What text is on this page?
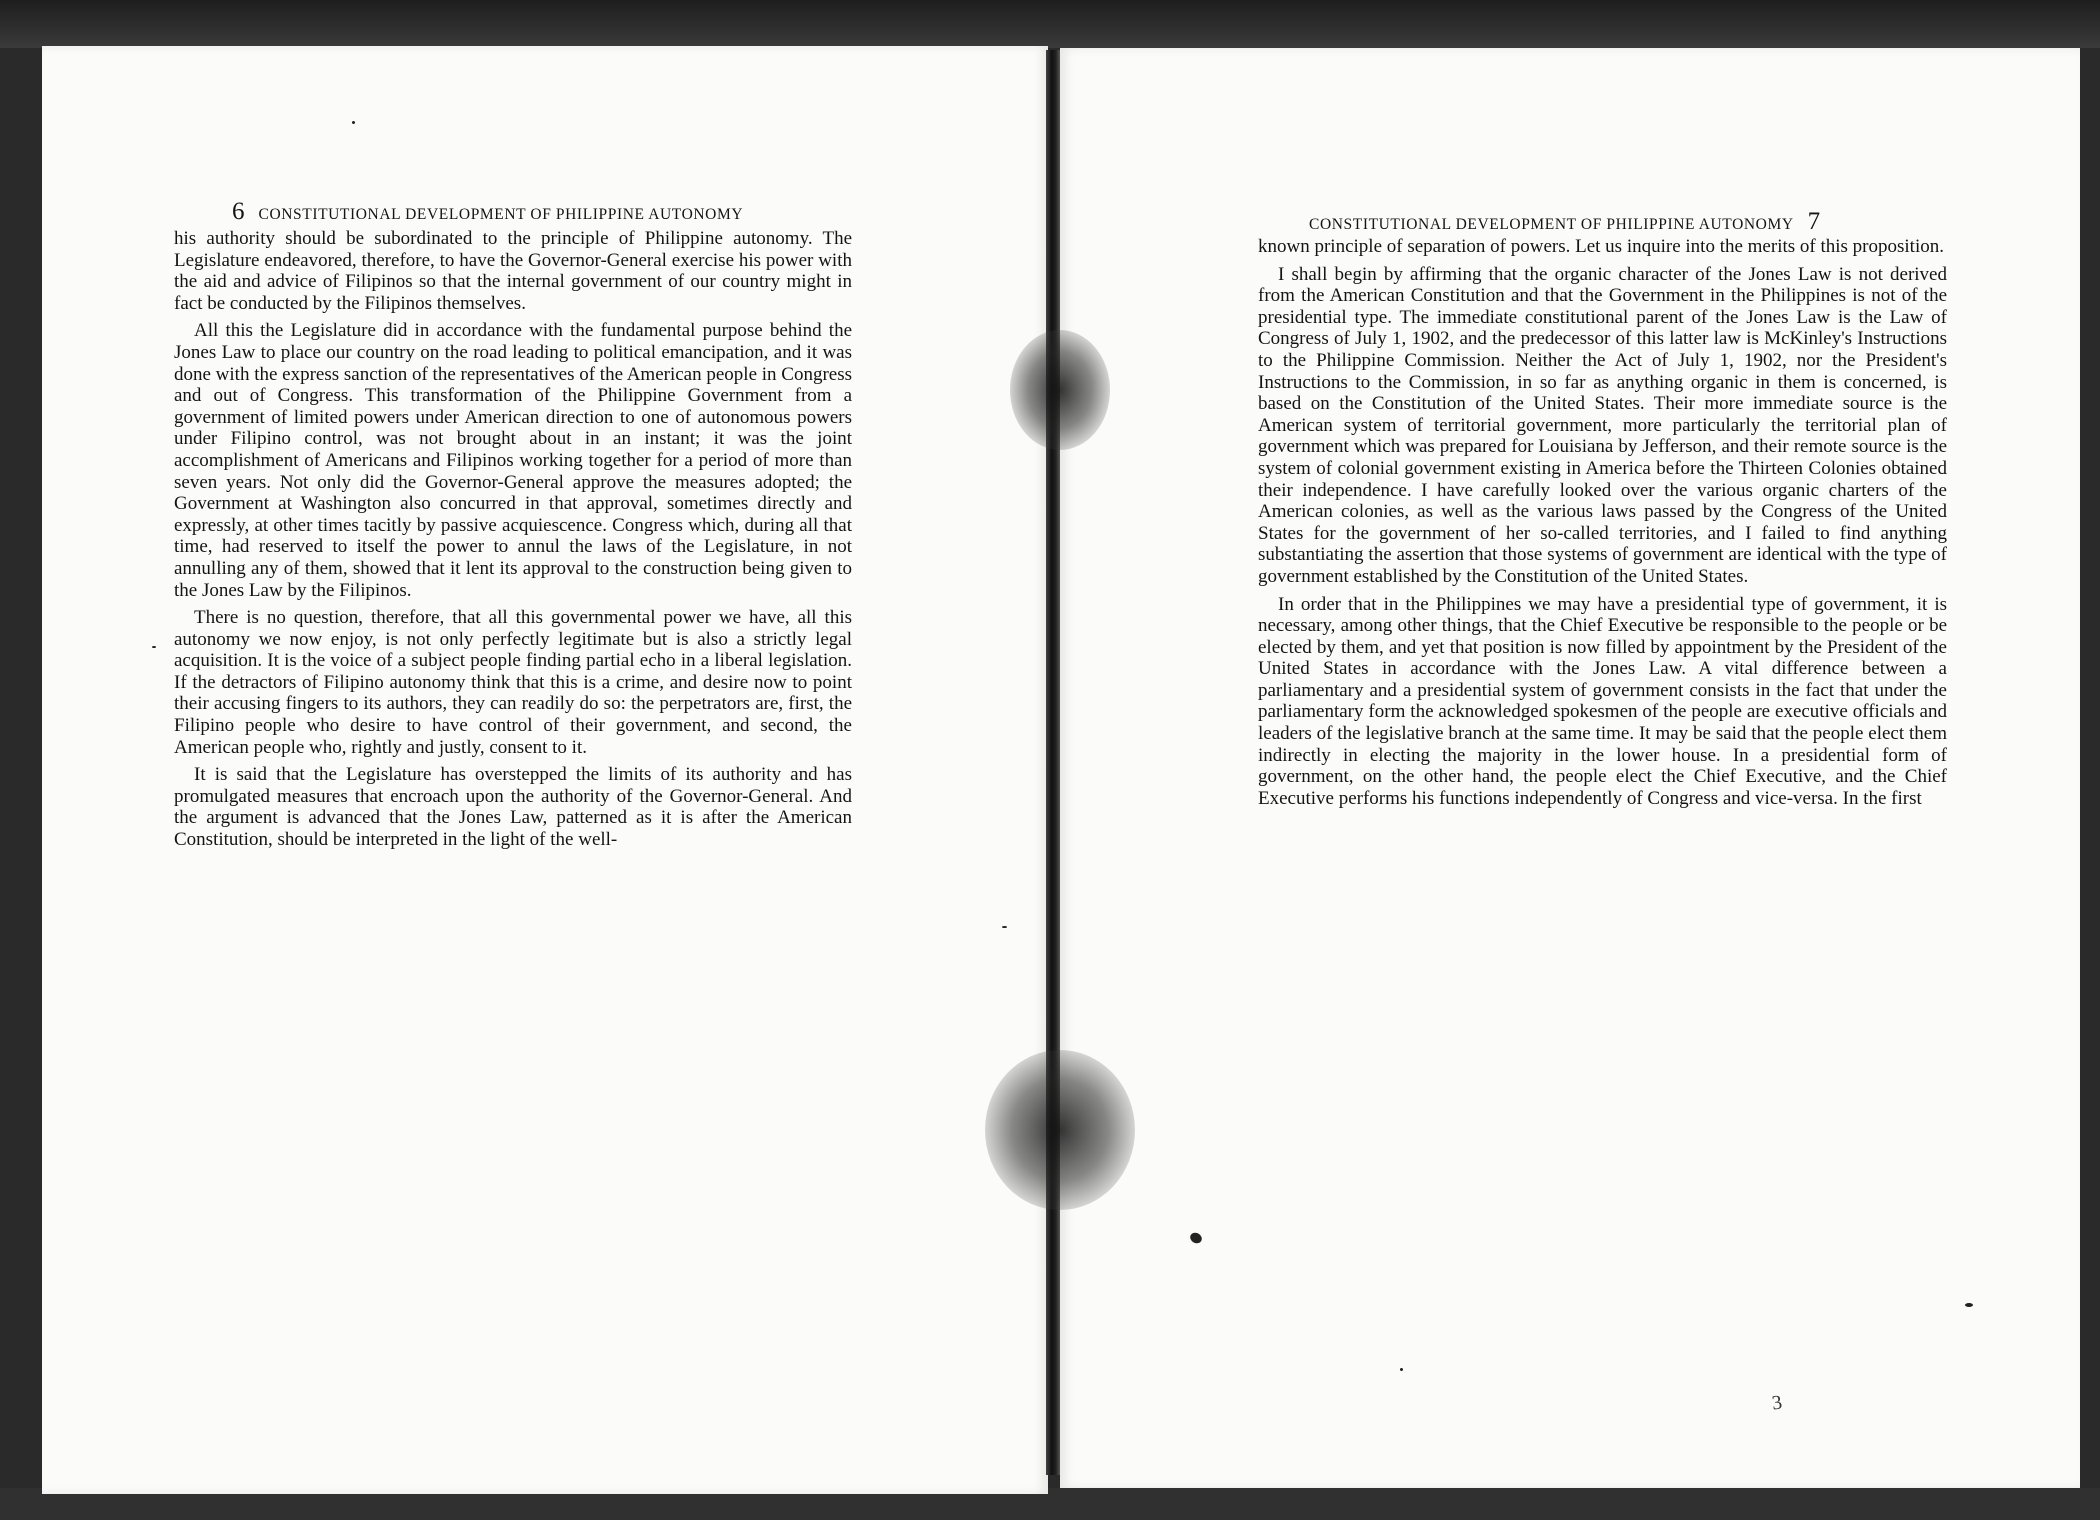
6 CONSTITUTIONAL DEVELOPMENT OF PHILIPPINE AUTONOMY

his authority should be subordinated to the principle of Philippine autonomy. The Legislature endeavored, therefore, to have the Governor-General exercise his power with the aid and advice of Filipinos so that the internal government of our country might in fact be conducted by the Filipinos themselves.

All this the Legislature did in accordance with the fundamental purpose behind the Jones Law to place our country on the road leading to political emancipation, and it was done with the express sanction of the representatives of the American people in Congress and out of Congress. This transformation of the Philippine Government from a government of limited powers under American direction to one of autonomous powers under Filipino control, was not brought about in an instant; it was the joint accomplishment of Americans and Filipinos working together for a period of more than seven years. Not only did the Governor-General approve the measures adopted; the Government at Washington also concurred in that approval, sometimes directly and expressly, at other times tacitly by passive acquiescence. Congress which, during all that time, had reserved to itself the power to annul the laws of the Legislature, in not annulling any of them, showed that it lent its approval to the construction being given to the Jones Law by the Filipinos.

There is no question, therefore, that all this governmental power we have, all this autonomy we now enjoy, is not only perfectly legitimate but is also a strictly legal acquisition. It is the voice of a subject people finding partial echo in a liberal legislation. If the detractors of Filipino autonomy think that this is a crime, and desire now to point their accusing fingers to its authors, they can readily do so: the perpetrators are, first, the Filipino people who desire to have control of their government, and second, the American people who, rightly and justly, consent to it.

It is said that the Legislature has overstepped the limits of its authority and has promulgated measures that encroach upon the authority of the Governor-General. And the argument is advanced that the Jones Law, patterned as it is after the American Constitution, should be interpreted in the light of the well-

CONSTITUTIONAL DEVELOPMENT OF PHILIPPINE AUTONOMY 7

known principle of separation of powers. Let us inquire into the merits of this proposition.

I shall begin by affirming that the organic character of the Jones Law is not derived from the American Constitution and that the Government in the Philippines is not of the presidential type. The immediate constitutional parent of the Jones Law is the Law of Congress of July 1, 1902, and the predecessor of this latter law is McKinley's Instructions to the Philippine Commission. Neither the Act of July 1, 1902, nor the President's Instructions to the Commission, in so far as anything organic in them is concerned, is based on the Constitution of the United States. Their more immediate source is the American system of territorial government, more particularly the territorial plan of government which was prepared for Louisiana by Jefferson, and their remote source is the system of colonial government existing in America before the Thirteen Colonies obtained their independence. I have carefully looked over the various organic charters of the American colonies, as well as the various laws passed by the Congress of the United States for the government of her so-called territories, and I failed to find anything substantiating the assertion that those systems of government are identical with the type of government established by the Constitution of the United States.

In order that in the Philippines we may have a presidential type of government, it is necessary, among other things, that the Chief Executive be responsible to the people or be elected by them, and yet that position is now filled by appointment by the President of the United States in accordance with the Jones Law. A vital difference between a parliamentary and a presidential system of government consists in the fact that under the parliamentary form the acknowledged spokesmen of the people are executive officials and leaders of the legislative branch at the same time. It may be said that the people elect them indirectly in electing the majority in the lower house. In a presidential form of government, on the other hand, the people elect the Chief Executive, and the Chief Executive performs his functions independently of Congress and vice-versa. In the first

3
